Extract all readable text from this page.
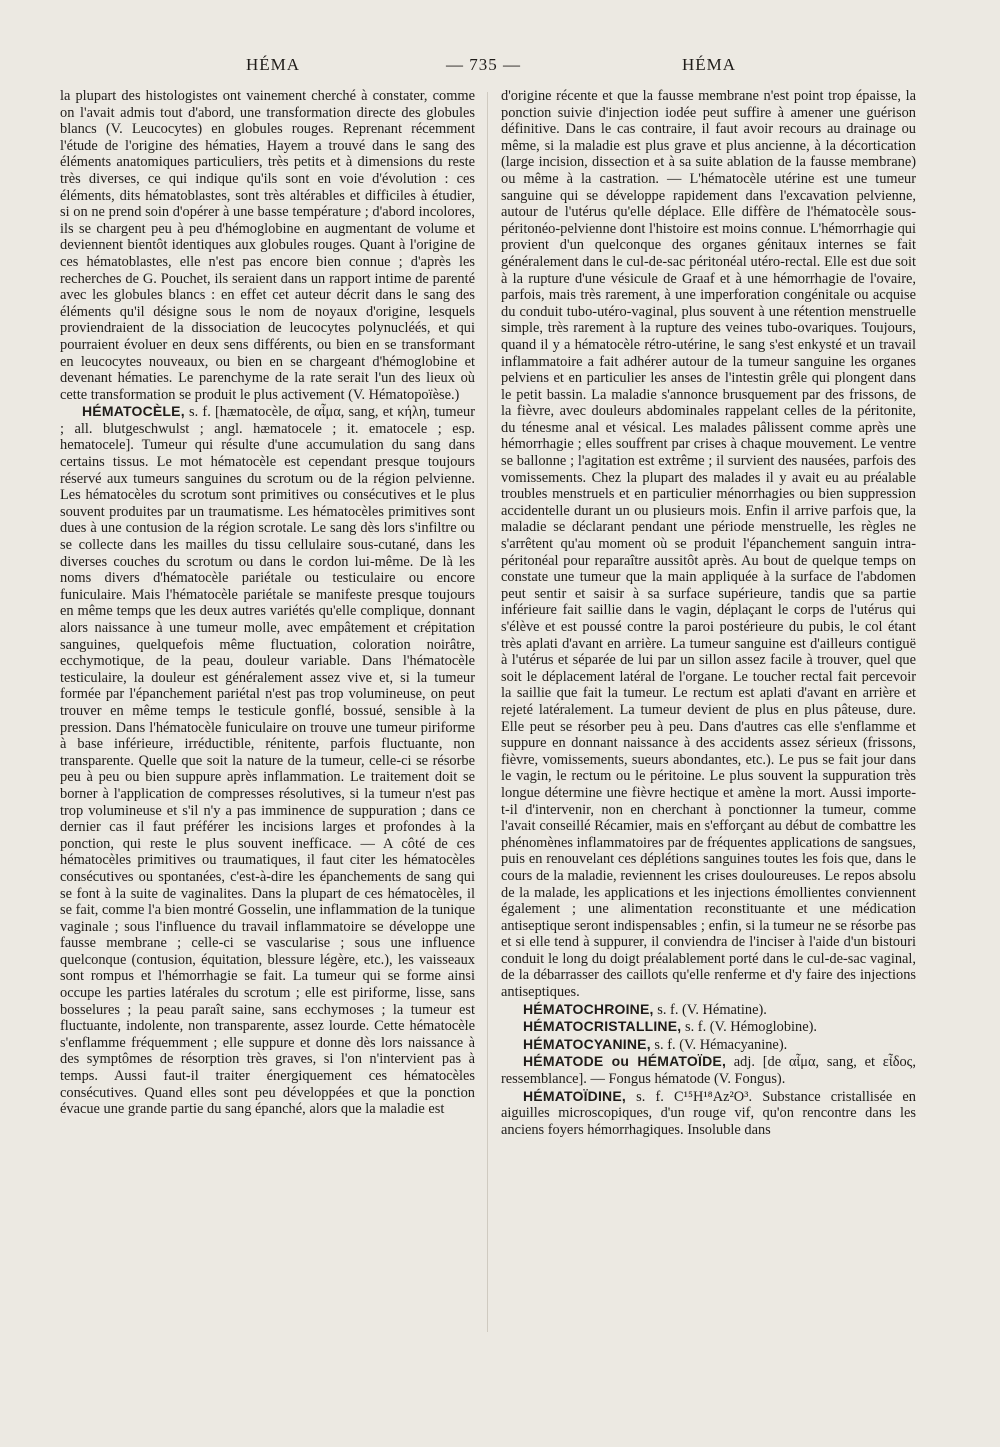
HÉMA	— 735 —	HÉMA

la plupart des histologistes ont vainement cherché à constater, comme on l'avait admis tout d'abord, une transformation directe des globules blancs (V. Leucocytes) en globules rouges. Reprenant récemment l'étude de l'origine des hématies, Hayem a trouvé dans le sang des éléments anatomiques particuliers, très petits et à dimensions du reste très diverses, ce qui indique qu'ils sont en voie d'évolution : ces éléments, dits hématoblastes, sont très altérables et difficiles à étudier, si on ne prend soin d'opérer à une basse température ; d'abord incolores, ils se chargent peu à peu d'hémoglobine en augmentant de volume et deviennent bientôt identiques aux globules rouges. Quant à l'origine de ces hématoblastes, elle n'est pas encore bien connue ; d'après les recherches de G. Pouchet, ils seraient dans un rapport intime de parenté avec les globules blancs : en effet cet auteur décrit dans le sang des éléments qu'il désigne sous le nom de noyaux d'origine, lesquels proviendraient de la dissociation de leucocytes polynucléés, et qui pourraient évoluer en deux sens différents, ou bien en se transformant en leucocytes nouveaux, ou bien en se chargeant d'hémoglobine et devenant hématies. Le parenchyme de la rate serait l'un des lieux où cette transformation se produit le plus activement (V. Hématopoïèse.)

HÉMATOCÈLE, s. f. [hæmatocèle, de αἷμα, sang, et κήλη, tumeur ; all. blutgeschwulst ; angl. hæmatocele ; it. ematocele ; esp. hematocele]. Tumeur qui résulte d'une accumulation du sang dans certains tissus. Le mot hématocèle est cependant presque toujours réservé aux tumeurs sanguines du scrotum ou de la région pelvienne. Les hématocèles du scrotum sont primitives ou consécutives et le plus souvent produites par un traumatisme. Les hématocèles primitives sont dues à une contusion de la région scrotale. Le sang dès lors s'infiltre ou se collecte dans les mailles du tissu cellulaire sous-cutané, dans les diverses couches du scrotum ou dans le cordon lui-même. De là les noms divers d'hématocèle pariétale ou testiculaire ou encore funiculaire. Mais l'hématocèle pariétale se manifeste presque toujours en même temps que les deux autres variétés qu'elle complique, donnant alors naissance à une tumeur molle, avec empâtement et crépitation sanguines, quelquefois même fluctuation, coloration noirâtre, ecchymotique, de la peau, douleur variable. Dans l'hématocèle testiculaire, la douleur est généralement assez vive et, si la tumeur formée par l'épanchement pariétal n'est pas trop volumineuse, on peut trouver en même temps le testicule gonflé, bossué, sensible à la pression. Dans l'hématocèle funiculaire on trouve une tumeur piriforme à base inférieure, irréductible, rénitente, parfois fluctuante, non transparente. Quelle que soit la nature de la tumeur, celle-ci se résorbe peu à peu ou bien suppure après inflammation. Le traitement doit se borner à l'application de compresses résolutives, si la tumeur n'est pas trop volumineuse et s'il n'y a pas imminence de suppuration ; dans ce dernier cas il faut préférer les incisions larges et profondes à la ponction, qui reste le plus souvent inefficace. — A côté de ces hématocèles primitives ou traumatiques, il faut citer les hématocèles consécutives ou spontanées, c'est-à-dire les épanchements de sang qui se font à la suite de vaginalites. Dans la plupart de ces hématocèles, il se fait, comme l'a bien montré Gosselin, une inflammation de la tunique vaginale ; sous l'influence du travail inflammatoire se développe une fausse membrane ; celle-ci se vascularise ; sous une influence quelconque (contusion, équitation, blessure légère, etc.), les vaisseaux sont rompus et l'hémorrhagie se fait. La tumeur qui se forme ainsi occupe les parties latérales du scrotum ; elle est piriforme, lisse, sans bosselures ; la peau paraît saine, sans ecchymoses ; la tumeur est fluctuante, indolente, non transparente, assez lourde. Cette hématocèle s'enflamme fréquemment ; elle suppure et donne dès lors naissance à des symptômes de résorption très graves, si l'on n'intervient pas à temps. Aussi faut-il traiter énergiquement ces hématocèles consécutives. Quand elles sont peu développées et que la ponction évacue une grande partie du sang épanché, alors que la maladie est

d'origine récente et que la fausse membrane n'est point trop épaisse, la ponction suivie d'injection iodée peut suffire à amener une guérison définitive. Dans le cas contraire, il faut avoir recours au drainage ou même, si la maladie est plus grave et plus ancienne, à la décortication (large incision, dissection et à sa suite ablation de la fausse membrane) ou même à la castration. — L'hématocèle utérine est une tumeur sanguine qui se développe rapidement dans l'excavation pelvienne, autour de l'utérus qu'elle déplace. Elle diffère de l'hématocèle sous-péritonéo-pelvienne dont l'histoire est moins connue. L'hémorrhagie qui provient d'un quelconque des organes génitaux internes se fait généralement dans le cul-de-sac péritonéal utéro-rectal. Elle est due soit à la rupture d'une vésicule de Graaf et à une hémorrhagie de l'ovaire, parfois, mais très rarement, à une imperforation congénitale ou acquise du conduit tubo-utéro-vaginal, plus souvent à une rétention menstruelle simple, très rarement à la rupture des veines tubo-ovariques. Toujours, quand il y a hématocèle rétro-utérine, le sang s'est enkysté et un travail inflammatoire a fait adhérer autour de la tumeur sanguine les organes pelviens et en particulier les anses de l'intestin grêle qui plongent dans le petit bassin. La maladie s'annonce brusquement par des frissons, de la fièvre, avec douleurs abdominales rappelant celles de la péritonite, du ténesme anal et vésical. Les malades pâlissent comme après une hémorrhagie ; elles souffrent par crises à chaque mouvement. Le ventre se ballonne ; l'agitation est extrême ; il survient des nausées, parfois des vomissements. Chez la plupart des malades il y avait eu au préalable troubles menstruels et en particulier ménorrhagies ou bien suppression accidentelle durant un ou plusieurs mois. Enfin il arrive parfois que, la maladie se déclarant pendant une période menstruelle, les règles ne s'arrêtent qu'au moment où se produit l'épanchement sanguin intra-péritonéal pour reparaître aussitôt après. Au bout de quelque temps on constate une tumeur que la main appliquée à la surface de l'abdomen peut sentir et saisir à sa surface supérieure, tandis que sa partie inférieure fait saillie dans le vagin, déplaçant le corps de l'utérus qui s'élève et est poussé contre la paroi postérieure du pubis, le col étant très aplati d'avant en arrière. La tumeur sanguine est d'ailleurs contiguë à l'utérus et séparée de lui par un sillon assez facile à trouver, quel que soit le déplacement latéral de l'organe. Le toucher rectal fait percevoir la saillie que fait la tumeur. Le rectum est aplati d'avant en arrière et rejeté latéralement. La tumeur devient de plus en plus pâteuse, dure. Elle peut se résorber peu à peu. Dans d'autres cas elle s'enflamme et suppure en donnant naissance à des accidents assez sérieux (frissons, fièvre, vomissements, sueurs abondantes, etc.). Le pus se fait jour dans le vagin, le rectum ou le péritoine. Le plus souvent la suppuration très longue détermine une fièvre hectique et amène la mort. Aussi importe-t-il d'intervenir, non en cherchant à ponctionner la tumeur, comme l'avait conseillé Récamier, mais en s'efforçant au début de combattre les phénomènes inflammatoires par de fréquentes applications de sangsues, puis en renouvelant ces déplétions sanguines toutes les fois que, dans le cours de la maladie, reviennent les crises douloureuses. Le repos absolu de la malade, les applications et les injections émollientes conviennent également ; une alimentation reconstituante et une médication antiseptique seront indispensables ; enfin, si la tumeur ne se résorbe pas et si elle tend à suppurer, il conviendra de l'inciser à l'aide d'un bistouri conduit le long du doigt préalablement porté dans le cul-de-sac vaginal, de la débarrasser des caillots qu'elle renferme et d'y faire des injections antiseptiques.

HÉMATOCHROINE, s. f. (V. Hématine).

HÉMATOCRISTALLINE, s. f. (V. Hémoglobine).

HÉMATOCYANINE, s. f. (V. Hémacyanine).

HÉMATODE ou HÉMATOÏDE, adj. [de αἷμα, sang, et εἶδος, ressemblance]. — Fongus hématode (V. Fongus).

HÉMATOÏDINE, s. f. C¹⁵H¹⁸Az²O³. Substance cristallisée en aiguilles microscopiques, d'un rouge vif, qu'on rencontre dans les anciens foyers hémorrhagiques. Insoluble dans
